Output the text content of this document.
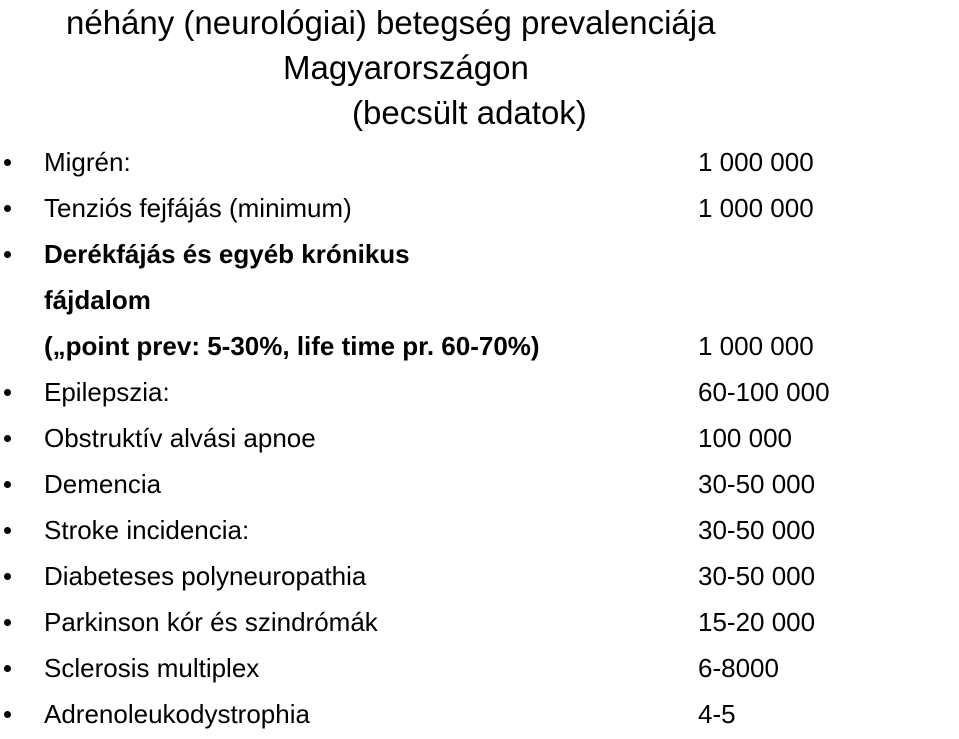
néhány (neurológiai) betegség prevalenciája
Magyarországon
(becsült adatok)
Migrén:	1 000 000
Tenziós fejfájás (minimum)	1 000 000
Derékfájás és egyéb krónikus
fájdalom
(„point prev: 5-30%, life time pr. 60-70%)	1 000 000
Epilepszia:	60-100 000
Obstruktív alvási apnoe	100 000
Demencia	30-50 000
Stroke incidencia:	30-50 000
Diabeteses polyneuropathia	30-50 000
Parkinson kór és szindrómák	15-20 000
Sclerosis multiplex	6-8000
Adrenoleukodystrophia	4-5
